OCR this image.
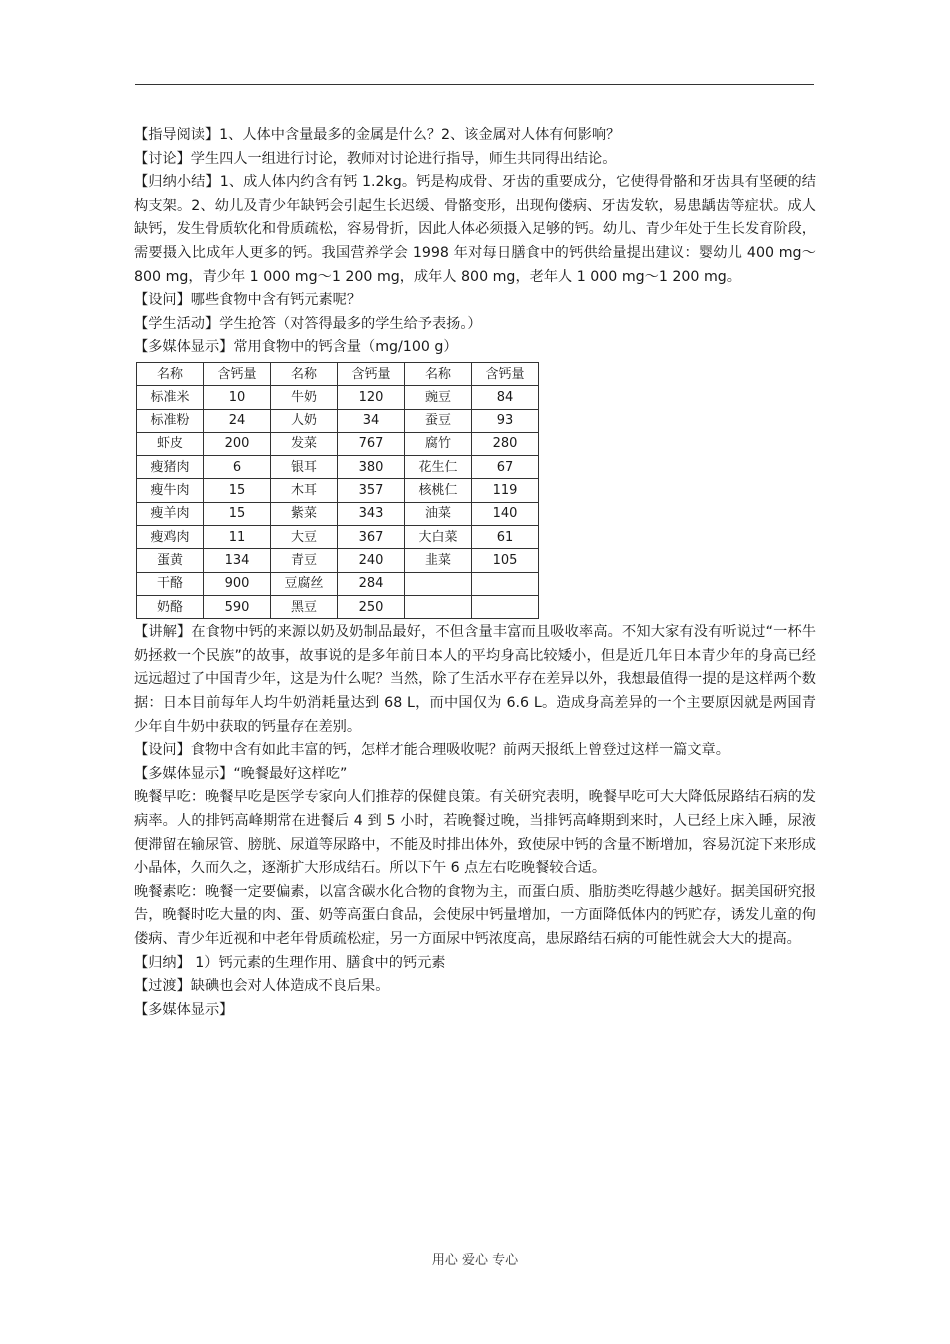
【指导阅读】1、人体中含量最多的金属是什么？2、该金属对人体有何影响？

【讨论】学生四人一组进行讨论，教师对讨论进行指导，师生共同得出结论。

【归纳小结】1、成人体内约含有钙 1.2kg。钙是构成骨、牙齿的重要成分，它使得骨骼和牙齿具有坚硬的结构支架。2、幼儿及青少年缺钙会引起生长迟缓、骨骼变形，出现佝偻病、牙齿发软，易患龋齿等症状。成人缺钙，发生骨质软化和骨质疏松，容易骨折，因此人体必须摄入足够的钙。幼儿、青少年处于生长发育阶段，需要摄入比成年人更多的钙。我国营养学会 1998 年对每日膳食中的钙供给量提出建议：婴幼儿 400 mg～800 mg，青少年 1 000 mg～1 200 mg，成年人 800 mg，老年人 1 000 mg～1 200 mg。

【设问】哪些食物中含有钙元素呢？

【学生活动】学生抢答（对答得最多的学生给予表扬。）

【多媒体显示】常用食物中的钙含量（mg/100 g）

名称	含钙量	名称	含钙量	名称	含钙量
标准米	10	牛奶	120	豌豆	84
标准粉	24	人奶	34	蚕豆	93
虾皮	200	发菜	767	腐竹	280
瘦猪肉	6	银耳	380	花生仁	67
瘦牛肉	15	木耳	357	核桃仁	119
瘦羊肉	15	紫菜	343	油菜	140
瘦鸡肉	11	大豆	367	大白菜	61
蛋黄	134	青豆	240	韭菜	105
干酪	900	豆腐丝	284		
奶酪	590	黑豆	250		

【讲解】在食物中钙的来源以奶及奶制品最好，不但含量丰富而且吸收率高。不知大家有没有听说过“一杯牛奶拯救一个民族”的故事，故事说的是多年前日本人的平均身高比较矮小，但是近几年日本青少年的身高已经远远超过了中国青少年，这是为什么呢？当然，除了生活水平存在差异以外，我想最值得一提的是这样两个数据：日本目前每年人均牛奶消耗量达到 68 L，而中国仅为 6.6 L。造成身高差异的一个主要原因就是两国青少年自牛奶中获取的钙量存在差别。

【设问】食物中含有如此丰富的钙，怎样才能合理吸收呢？前两天报纸上曾登过这样一篇文章。

【多媒体显示】“晚餐最好这样吃”

晚餐早吃：晚餐早吃是医学专家向人们推荐的保健良策。有关研究表明，晚餐早吃可大大降低尿路结石病的发病率。人的排钙高峰期常在进餐后 4 到 5 小时，若晚餐过晚，当排钙高峰期到来时，人已经上床入睡，尿液便滞留在输尿管、膀胱、尿道等尿路中，不能及时排出体外，致使尿中钙的含量不断增加，容易沉淀下来形成小晶体，久而久之，逐渐扩大形成结石。所以下午 6 点左右吃晚餐较合适。

晚餐素吃：晚餐一定要偏素，以富含碳水化合物的食物为主，而蛋白质、脂肪类吃得越少越好。据美国研究报告，晚餐时吃大量的肉、蛋、奶等高蛋白食品，会使尿中钙量增加，一方面降低体内的钙贮存，诱发儿童的佝偻病、青少年近视和中老年骨质疏松症，另一方面尿中钙浓度高，患尿路结石病的可能性就会大大的提高。

【归纳】 1）钙元素的生理作用、膳食中的钙元素

【过渡】缺碘也会对人体造成不良后果。

【多媒体显示】

用心 爱心 专心
